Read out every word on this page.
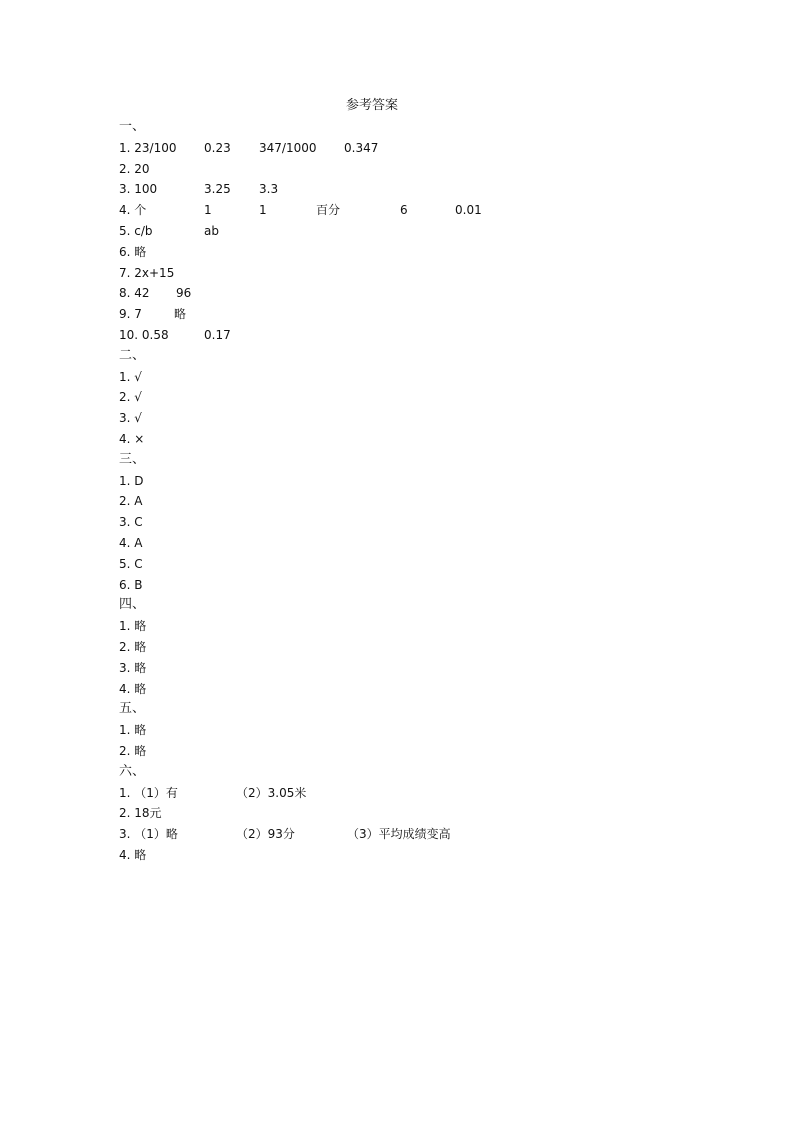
参考答案
一、
1. 23/100 0.23 347/1000 0.347
2. 20
3. 100	3.25 3.3
4. 个	1	1	百分	6	0.01
5. c/b	ab
6. 略
7. 2x+15
8. 42 96
9. 7	略
10. 0.58	0.17
二、
1. √
2. √
3. √
4. ×
三、
1. D
2. A
3. C
4. A
5. C
6. B
四、
1. 略
2. 略
3. 略
4. 略
五、
1. 略
2. 略
六、
1. （1）有	（2）3.05米
2. 18元
3. （1）略	（2）93分	（3）平均成绩变高
4. 略
